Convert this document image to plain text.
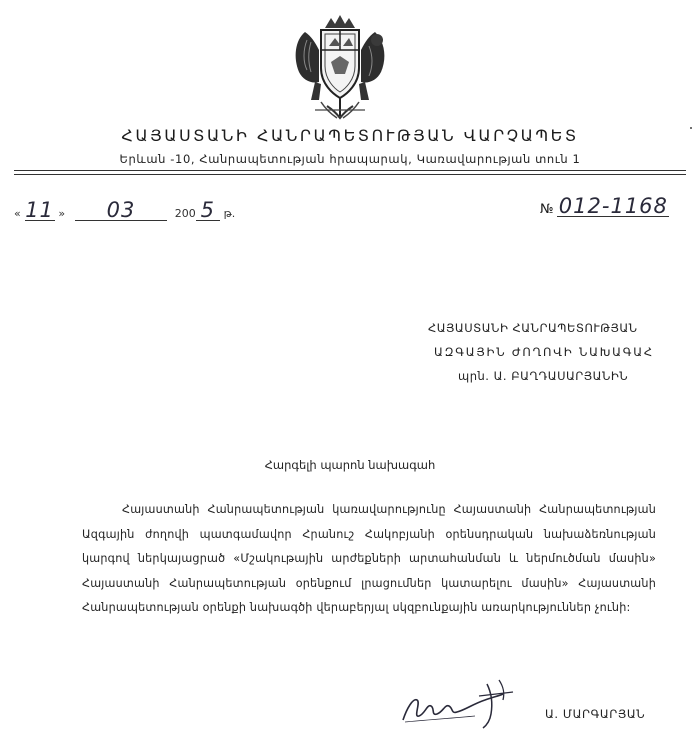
ՀԱՅԱՍՏԱՆԻ ՀԱՆՐԱՊԵՏՈՒԹՅԱՆ ՎԱՐՉԱՊԵՏ
Երևան -10, Հանրապետության հրապարակ, Կառավարության տուն 1
« 11 » 03	200 5 թ.	№ 012-1168
ՀԱՅԱՍՏԱՆԻ ՀԱՆՐԱՊԵՏՈՒԹՅԱՆ
ԱԶԳԱՅԻՆ ԺՈՂՈՎԻ ՆԱԽԱԳԱՀ
պրն. Ա. ԲԱՂԴԱՍԱՐՅԱՆԻՆ
Հարգելի պարոն նախագահ
Հայաստանի Հանրապետության կառավարությունը Հայաստանի Հանրապետության Ազգային ժողովի պատգամավոր Հրանուշ Հակոբյանի օրենսդրական նախաձեռնության կարգով ներկայացրած «Մշակութային արժեքների արտահանման և ներմուծման մասին» Հայաստանի Հանրապետության օրենքում լրացումներ կատարելու մասին» Հայաստանի Հանրապետության օրենքի նախագծի վերաբերյալ սկզբունքային առարկություններ չունի:
Ա. ՄԱՐԳԱՐՅԱՆ
